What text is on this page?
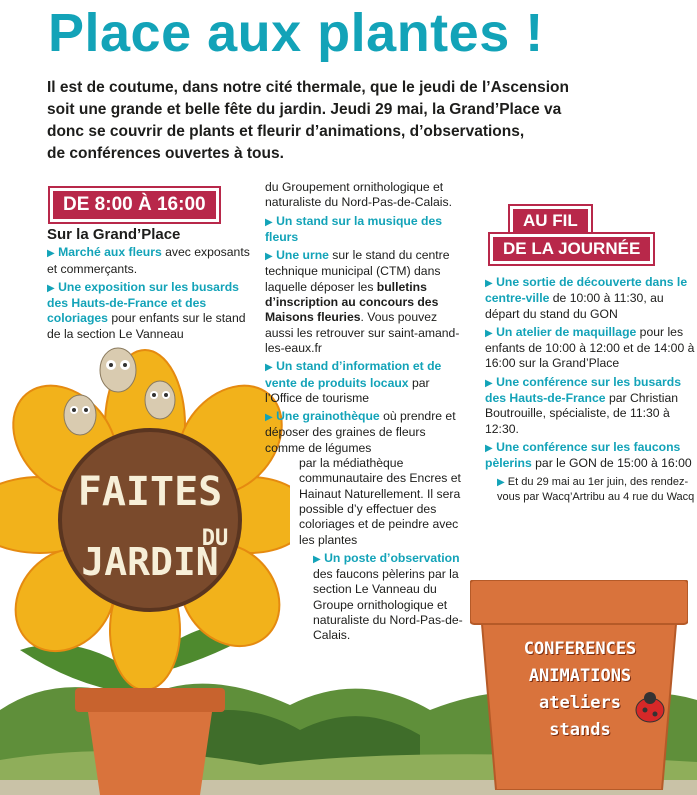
FAITES
DU
JARDIN
Place aux plantes !

Il est de coutume, dans notre cité thermale, que le jeudi de l’Ascension
soit une grande et belle fête du jardin. Jeudi 29 mai, la Grand’Place va
donc se couvrir de plants et fleurir d’animations, d’observations,
de conférences ouvertes à tous.

DE 8:00 À 16:00
Sur la Grand’Place

▶ Marché aux fleurs avec exposants et commerçants.

▶ Une exposition sur les busards des Hauts-de-France et des coloriages pour enfants sur le stand de la section Le Vanneau

du Groupement ornithologique et naturaliste du Nord-Pas-de-Calais.

▶ Un stand sur la musique des fleurs

▶ Une urne sur le stand du centre technique municipal (CTM) dans laquelle déposer les bulletins d’inscription au concours des Maisons fleuries. Vous pouvez aussi les retrouver sur saint-amand-les-eaux.fr

▶ Un stand d’information et de vente de produits locaux par l’Office de tourisme

▶ Une grainothèque où prendre et déposer des graines de fleurs comme de légumes

par la médiathèque communautaire des Encres et Hainaut Naturellement. Il sera possible d’y effectuer des coloriages et de peindre avec les plantes

▶ Un poste d’observation des faucons pèlerins par la section Le Vanneau du Groupe ornithologique et naturaliste du Nord-Pas-de-Calais.

AU FIL
DE LA JOURNÉE

▶ Une sortie de découverte dans le centre-ville de 10:00 à 11:30, au départ du stand du GON

▶ Un atelier de maquillage pour les enfants de 10:00 à 12:00 et de 14:00 à 16:00 sur la Grand’Place

▶ Une conférence sur les busards des Hauts-de-France par Christian Boutrouille, spécialiste, de 11:30 à 12:30.

▶ Une conférence sur les faucons pèlerins par le GON de 15:00 à 16:00

▶ Et du 29 mai au 1er juin, des rendez-vous par Wacq’Artribu au 4 rue du Wacq

CONFERENCES
ANIMATIONS
ateliers
stands
